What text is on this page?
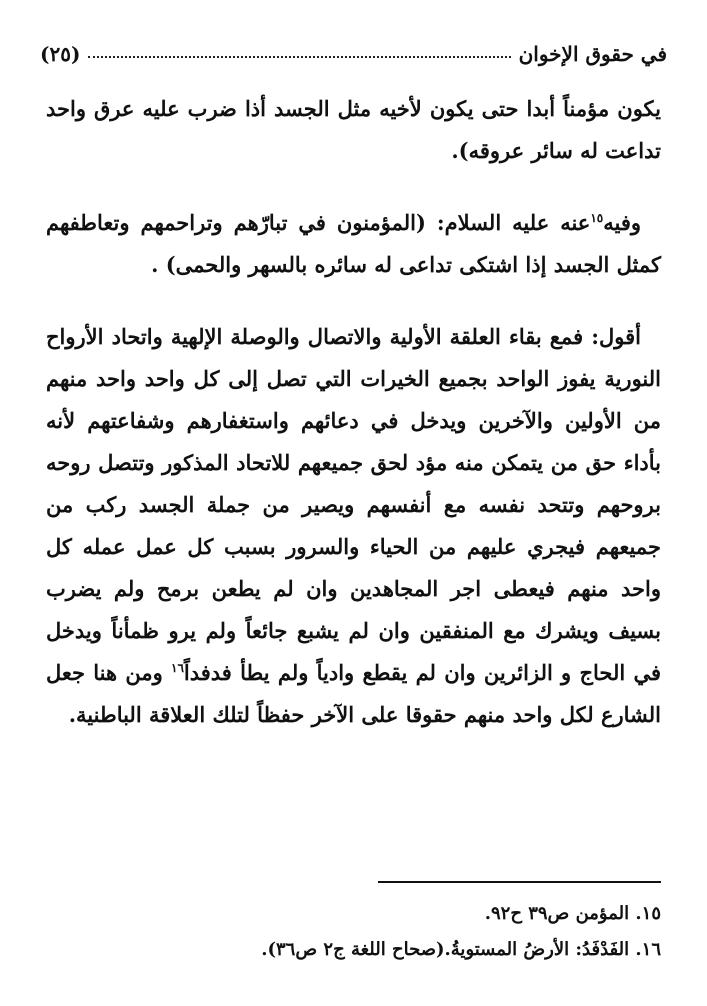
في حقوق الإخوان
(٢٥)

يكون مؤمناً أبدا حتى يكون لأخيه مثل الجسد أذا ضرب عليه عرق واحد تداعت له سائر عروقه).

وفيه$^{١٥}$عنه عليه السلام: (المؤمنون في تبارّهم وتراحمهم وتعاطفهم كمثل الجسد إذا اشتكى تداعى له سائره بالسهر والحمى) .

أقول: فمع بقاء العلقة الأولية والاتصال والوصلة الإلهية واتحاد الأرواح النورية يفوز الواحد بجميع الخيرات التي تصل إلى كل واحد واحد منهم من الأولين والآخرين ويدخل في دعائهم واستغفارهم وشفاعتهم لأنه بأداء حق من يتمكن منه مؤد لحق جميعهم للاتحاد المذكور وتتصل روحه بروحهم وتتحد نفسه مع أنفسهم ويصير من جملة الجسد ركب من جميعهم فيجري عليهم من الحياء والسرور بسبب كل عمل عمله كل واحد منهم فيعطى اجر المجاهدين وان لم يطعن برمح ولم يضرب بسيف ويشرك مع المنفقين وان لم يشبع جائعاً ولم يرو ظمأناً ويدخل في الحاج و الزائرين وان لم يقطع وادياً ولم يطأ فدفداً$^{١٦}$ ومن هنا جعل الشارع لكل واحد منهم حقوقا على الآخر حفظاً لتلك العلاقة الباطنية.

١٥. المؤمن ص٣٩ ح٩٢.

١٦. الفَدْفَدُ: الأرضُ المستويةُ.(صحاح اللغة ج٢ ص٣٦).
